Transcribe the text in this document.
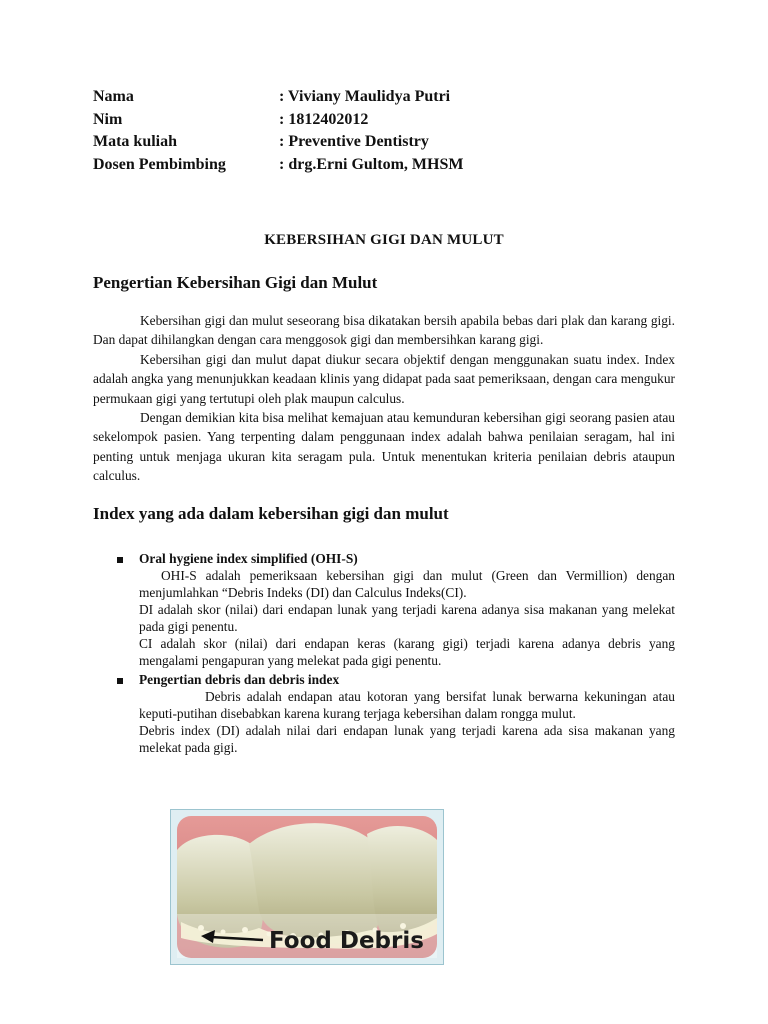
Nama	: Viviany Maulidya Putri
Nim	: 1812402012
Mata kuliah	: Preventive Dentistry
Dosen Pembimbing	: drg.Erni Gultom, MHSM
KEBERSIHAN GIGI DAN MULUT
Pengertian Kebersihan Gigi dan Mulut

Kebersihan gigi dan mulut seseorang bisa dikatakan bersih apabila bebas dari plak dan karang gigi. Dan dapat dihilangkan dengan cara menggosok gigi dan membersihkan karang gigi.

Kebersihan gigi dan mulut dapat diukur secara objektif dengan menggunakan suatu index. Index adalah angka yang menunjukkan keadaan klinis yang didapat pada saat pemeriksaan, dengan cara mengukur permukaan gigi yang tertutupi oleh plak maupun calculus.

Dengan demikian kita bisa melihat kemajuan atau kemunduran kebersihan gigi seorang pasien atau sekelompok pasien. Yang terpenting dalam penggunaan index adalah bahwa penilaian seragam, hal ini penting untuk menjaga ukuran kita seragam pula. Untuk menentukan kriteria penilaian debris ataupun calculus.

Index yang ada dalam kebersihan gigi dan mulut
Oral hygiene index simplified (OHI-S)

OHI-S adalah pemeriksaan kebersihan gigi dan mulut (Green dan Vermillion) dengan menjumlahkan “Debris Indeks (DI) dan Calculus Indeks(CI).

DI adalah skor (nilai) dari endapan lunak yang terjadi karena adanya sisa makanan yang melekat pada gigi penentu.

CI adalah skor (nilai) dari endapan keras (karang gigi) terjadi karena adanya debris yang mengalami pengapuran yang melekat pada gigi penentu.

Pengertian debris dan debris index

Debris adalah endapan atau kotoran yang bersifat lunak berwarna kekuningan atau keputi-putihan disebabkan karena kurang terjaga kebersihan dalam rongga mulut.

Debris index (DI) adalah nilai dari endapan lunak yang terjadi karena ada sisa makanan yang melekat pada gigi.

Food Debris
